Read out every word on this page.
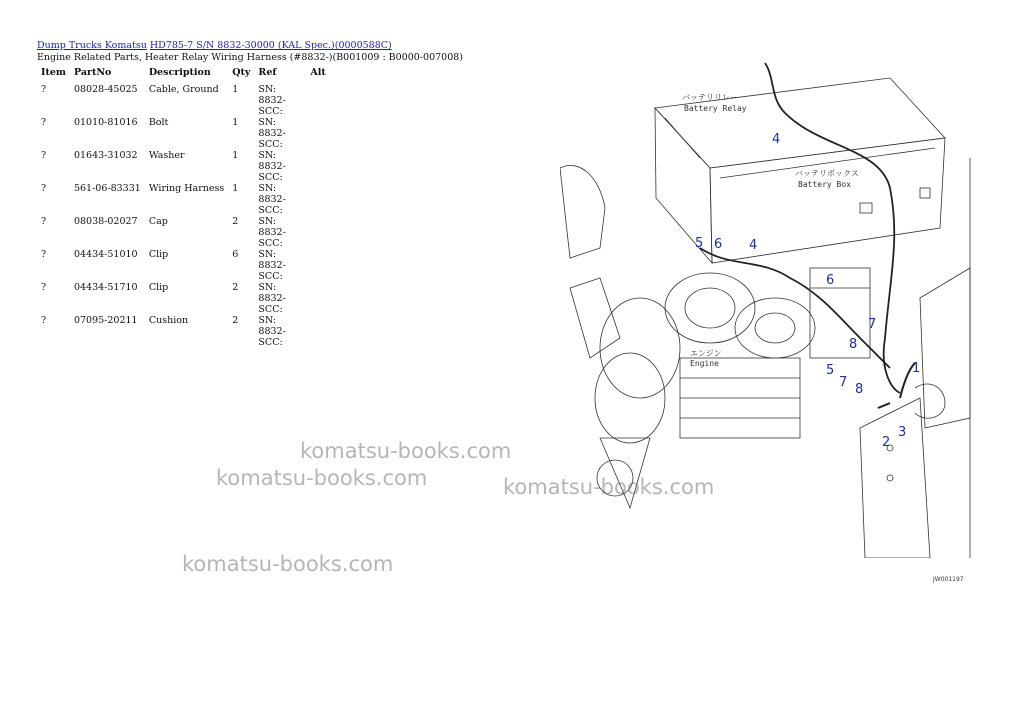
Dump Trucks Komatsu HD785-7 S/N 8832-30000 (KAL Spec.)(0000588C)
Engine Related Parts, Heater Relay Wiring Harness (#8832-)(B001009 : B0000-007008)
Item	PartNo	Description	Qty	Ref	Alt
?	08028-45025	Cable, Ground	1	SN: 8832-SCC:	
?	01010-81016	Bolt	1	SN: 8832-SCC:	
?	01643-31032	Washer	1	SN: 8832-SCC:	
?	561-06-83331	Wiring Harness	1	SN: 8832-SCC:	
?	08038-02027	Cap	2	SN: 8832-SCC:	
?	04434-51010	Clip	6	SN: 8832-SCC:	
?	04434-51710	Clip	2	SN: 8832-SCC:	
?	07095-20211	Cushion	2	SN: 8832-SCC:	
1
2
3
4
4
5
5
6
6
7
7
8
8
バッテリリレー
Battery Relay
バッテリボックス
Battery Box
エンジン
Engine
JW001197
komatsu-books.com
komatsu-books.com	komatsu-books.com
komatsu-books.com
